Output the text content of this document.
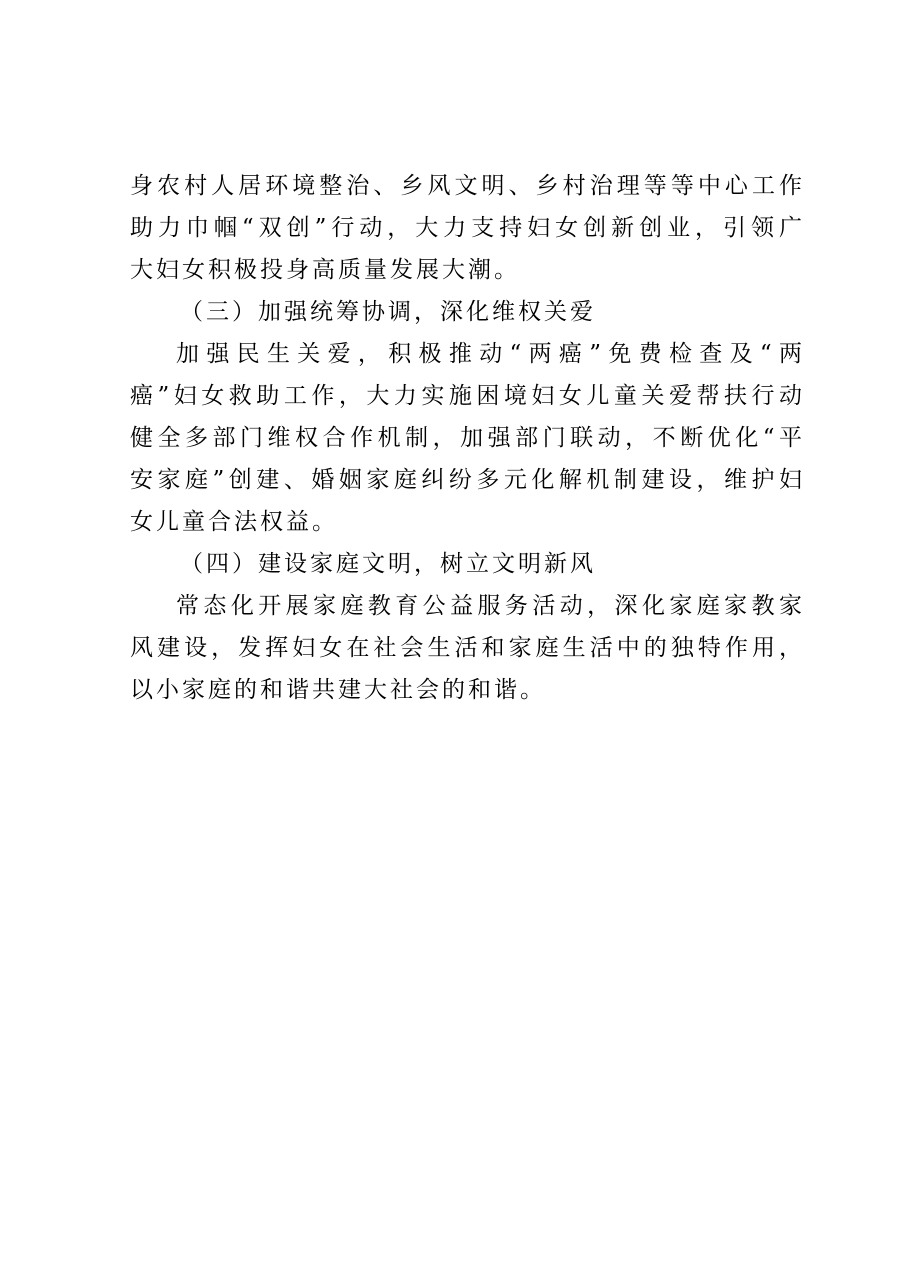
身农村人居环境整治、乡风文明、乡村治理等等中心工作
助力巾帼“双创”行动，大力支持妇女创新创业，引领广
大妇女积极投身高质量发展大潮。
（三）加强统筹协调，深化维权关爱
加强民生关爱，积极推动“两癌”免费检查及“两
癌”妇女救助工作，大力实施困境妇女儿童关爱帮扶行动
健全多部门维权合作机制，加强部门联动，不断优化“平
安家庭”创建、婚姻家庭纠纷多元化解机制建设，维护妇
女儿童合法权益。
（四）建设家庭文明，树立文明新风
常态化开展家庭教育公益服务活动，深化家庭家教家
风建设，发挥妇女在社会生活和家庭生活中的独特作用，
以小家庭的和谐共建大社会的和谐。
